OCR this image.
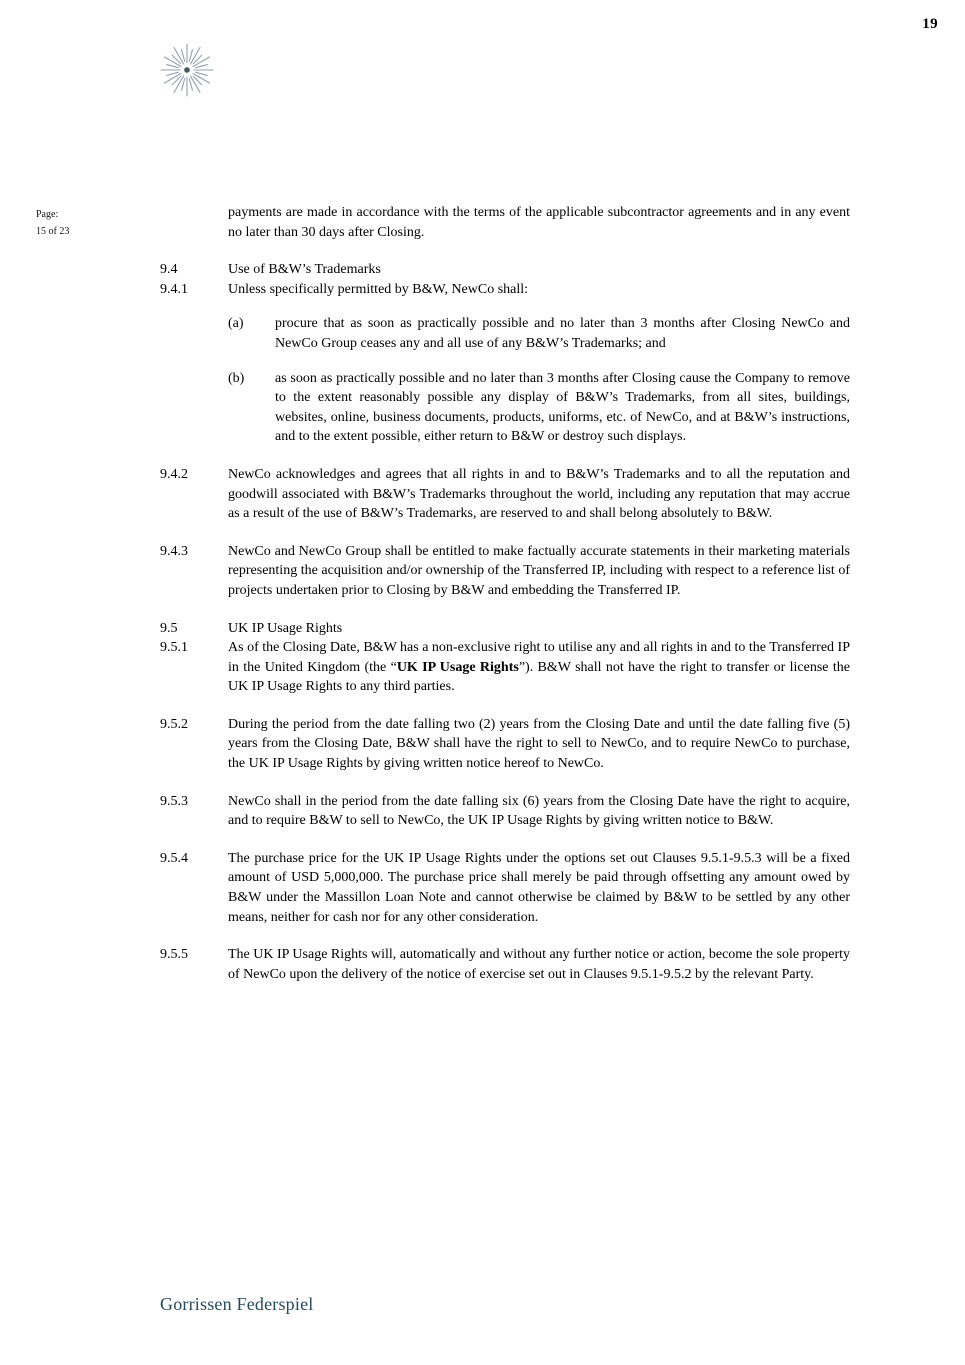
19
Page:
15 of 23
payments are made in accordance with the terms of the applicable subcontractor agreements and in any event no later than 30 days after Closing.
9.4	Use of B&W’s Trademarks
9.4.1	Unless specifically permitted by B&W, NewCo shall:
(a)	procure that as soon as practically possible and no later than 3 months after Closing NewCo and NewCo Group ceases any and all use of any B&W’s Trademarks; and
(b)	as soon as practically possible and no later than 3 months after Closing cause the Company to remove to the extent reasonably possible any display of B&W’s Trademarks, from all sites, buildings, websites, online, business documents, products, uniforms, etc. of NewCo, and at B&W’s instructions, and to the extent possible, either return to B&W or destroy such displays.
9.4.2	NewCo acknowledges and agrees that all rights in and to B&W’s Trademarks and to all the reputation and goodwill associated with B&W’s Trademarks throughout the world, including any reputation that may accrue as a result of the use of B&W’s Trademarks, are reserved to and shall belong absolutely to B&W.
9.4.3	NewCo and NewCo Group shall be entitled to make factually accurate statements in their marketing materials representing the acquisition and/or ownership of the Transferred IP, including with respect to a reference list of projects undertaken prior to Closing by B&W and embedding the Transferred IP.
9.5	UK IP Usage Rights
9.5.1	As of the Closing Date, B&W has a non-exclusive right to utilise any and all rights in and to the Transferred IP in the United Kingdom (the “UK IP Usage Rights”). B&W shall not have the right to transfer or license the UK IP Usage Rights to any third parties.
9.5.2	During the period from the date falling two (2) years from the Closing Date and until the date falling five (5) years from the Closing Date, B&W shall have the right to sell to NewCo, and to require NewCo to purchase, the UK IP Usage Rights by giving written notice hereof to NewCo.
9.5.3	NewCo shall in the period from the date falling six (6) years from the Closing Date have the right to acquire, and to require B&W to sell to NewCo, the UK IP Usage Rights by giving written notice to B&W.
9.5.4	The purchase price for the UK IP Usage Rights under the options set out Clauses 9.5.1-9.5.3 will be a fixed amount of USD 5,000,000. The purchase price shall merely be paid through offsetting any amount owed by B&W under the Massillon Loan Note and cannot otherwise be claimed by B&W to be settled by any other means, neither for cash nor for any other consideration.
9.5.5	The UK IP Usage Rights will, automatically and without any further notice or action, become the sole property of NewCo upon the delivery of the notice of exercise set out in Clauses 9.5.1-9.5.2 by the relevant Party.
Gorrissen Federspiel
